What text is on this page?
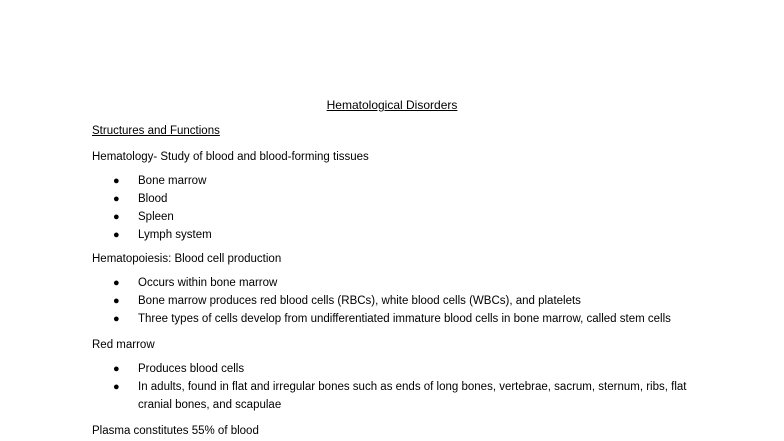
Hematological Disorders
Structures and Functions
Hematology- Study of blood and blood-forming tissues
● Bone marrow
● Blood
● Spleen
● Lymph system
Hematopoiesis: Blood cell production
● Occurs within bone marrow
● Bone marrow produces red blood cells (RBCs), white blood cells (WBCs), and platelets
● Three types of cells develop from undifferentiated immature blood cells in bone marrow, called stem cells
Red marrow
● Produces blood cells
● In adults, found in flat and irregular bones such as ends of long bones, vertebrae, sacrum, sternum, ribs, flat cranial bones, and scapulae
Plasma constitutes 55% of blood
